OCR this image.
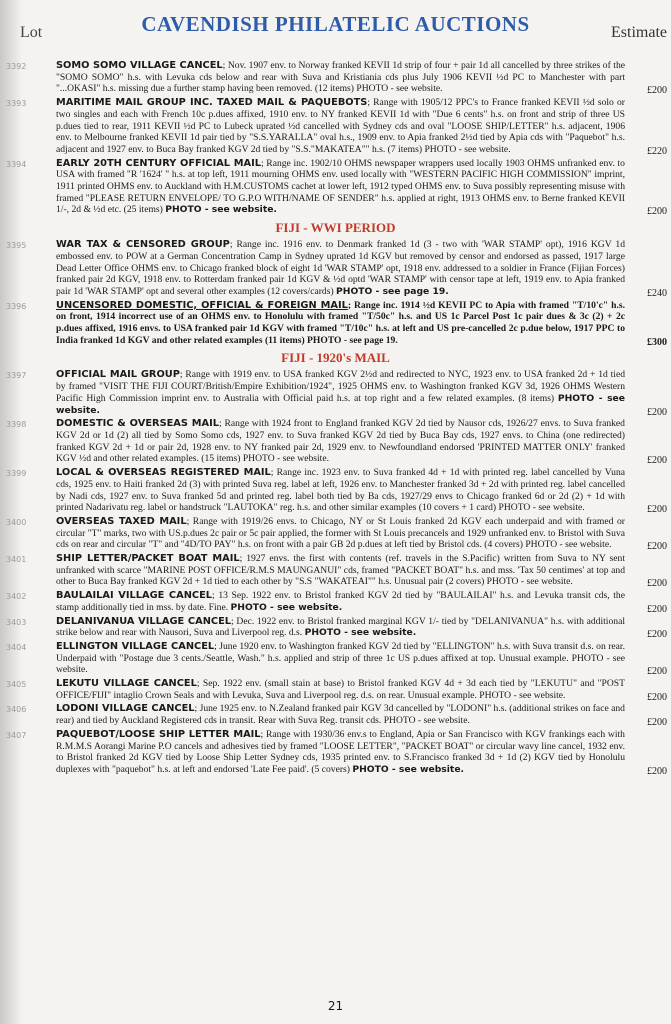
Lot	CAVENDISH PHILATELIC AUCTIONS	Estimate
3392	SOMO SOMO VILLAGE CANCEL; Nov. 1907 env. to Norway franked KEVII 1d strip of four + pair 1d all cancelled by three strikes of the "SOMO SOMO" h.s. with Levuka cds below and rear with Suva and Kristiania cds plus July 1906 KEVII ½d PC to Manchester with part "...OKASI" h.s. missing due a further stamp having been removed. (12 items) PHOTO - see website.	£200
3393	MARITIME MAIL GROUP INC. TAXED MAIL & PAQUEBOTS; Range with 1905/12 PPC's to France franked KEVII ½d solo or two singles and each with French 10c p.dues affixed, 1910 env. to NY franked KEVII 1d with "Due 6 cents" h.s. on front and strip of three US p.dues tied to rear, 1911 KEVII ½d PC to Lubeck uprated ½d cancelled with Sydney cds and oval "LOOSE SHIP/LETTER" h.s. adjacent, 1906 env. to Melbourne franked KEVII 1d pair tied by "S.S.YARALLA" oval h.s., 1909 env. to Apia franked 2½d tied by Apia cds with "Paquebot" h.s. adjacent and 1927 env. to Buca Bay franked KGV 2d tied by "S.S."MAKATEA"" h.s. (7 items) PHOTO - see website.	£220
3394	EARLY 20TH CENTURY OFFICIAL MAIL; Range inc. 1902/10 OHMS newspaper wrappers used locally 1903 OHMS unfranked env. to USA with framed "R '1624' " h.s. at top left, 1911 mourning OHMS env. used locally with "WESTERN PACIFIC HIGH COMMISSION" imprint, 1911 printed OHMS env. to Auckland with H.M.CUSTOMS cachet at lower left, 1912 typed OHMS env. to Suva possibly representing misuse with framed "PLEASE RETURN ENVELOPE/ TO G.P.O WITH/NAME OF SENDER" h.s. applied at right, 1913 OHMS env. to Berne franked KEVII 1/-, 2d & ½d etc. (25 items) PHOTO - see website.	£200
FIJI - WWI PERIOD
3395	WAR TAX & CENSORED GROUP; Range inc. 1916 env. to Denmark franked 1d (3 - two with 'WAR STAMP' opt), 1916 KGV 1d embossed env. to POW at a German Concentration Camp in Sydney uprated 1d KGV but removed by censor and endorsed as passed, 1917 large Dead Letter Office OHMS env. to Chicago franked block of eight 1d 'WAR STAMP' opt, 1918 env. addressed to a soldier in France (Fijian Forces) franked pair 2d KGV, 1918 env. to Rotterdam franked pair 1d KGV & ½d optd 'WAR STAMP' with censor tape at left, 1919 env. to Apia franked pair 1d 'WAR STAMP' opt and several other examples (12 covers/cards) PHOTO - see page 19.	£240
3396	UNCENSORED DOMESTIC, OFFICIAL & FOREIGN MAIL; Range inc. 1914 ½d KEVII PC to Apia with framed "T/10'c" h.s. on front, 1914 incorrect use of an OHMS env. to Honolulu with framed "T/50c" h.s. and US 1c Parcel Post 1c pair dues & 3c (2) + 2c p.dues affixed, 1916 envs. to USA franked pair 1d KGV with framed "T/10c" h.s. at left and US pre-cancelled 2c p.due below, 1917 PPC to India franked 1d KGV and other related examples (11 items) PHOTO - see page 19.	£300
FIJI - 1920's MAIL
3397	OFFICIAL MAIL GROUP; Range with 1919 env. to USA franked KGV 2½d and redirected to NYC, 1923 env. to USA franked 2d + 1d tied by framed "VISIT THE FIJI COURT/British/Empire Exhibition/1924", 1925 OHMS env. to Washington franked KGV 3d, 1926 OHMS Western Pacific High Commission imprint env. to Australia with Official paid h.s. at top right and a few related examples. (8 items) PHOTO - see website.	£200
3398	DOMESTIC & OVERSEAS MAIL; Range with 1924 front to England franked KGV 2d tied by Nausor cds, 1926/27 envs. to Suva franked KGV 2d or 1d (2) all tied by Somo Somo cds, 1927 env. to Suva franked KGV 2d tied by Buca Bay cds, 1927 envs. to China (one redirected) franked KGV 2d + 1d or pair 2d, 1928 env. to NY franked pair 2d, 1929 env. to Newfoundland endorsed 'PRINTED MATTER ONLY' franked KGV ½d and other related examples. (15 items) PHOTO - see website.	£200
3399	LOCAL & OVERSEAS REGISTERED MAIL; Range inc. 1923 env. to Suva franked 4d + 1d with printed reg. label cancelled by Vuna cds, 1925 env. to Haiti franked 2d (3) with printed Suva reg. label at left, 1926 env. to Manchester franked 3d + 2d with printed reg. label cancelled by Nadi cds, 1927 env. to Suva franked 5d and printed reg. label both tied by Ba cds, 1927/29 envs to Chicago franked 6d or 2d (2) + 1d with printed Nadarivatu reg. label or handstruck "LAUTOKA" reg. h.s. and other similar examples (10 covers + 1 card) PHOTO - see website.	£200
3400	OVERSEAS TAXED MAIL; Range with 1919/26 envs. to Chicago, NY or St Louis franked 2d KGV each underpaid and with framed or circular "T" marks, two with US.p.dues 2c pair or 5c pair applied, the former with St Louis precancels and 1929 unfranked env. to Bristol with Suva cds on rear and circular "T" and "4D/TO PAY" h.s. on front with a pair GB 2d p.dues at left tied by Bristol cds. (4 covers) PHOTO - see website.	£200
3401	SHIP LETTER/PACKET BOAT MAIL; 1927 envs. the first with contents (ref. travels in the S.Pacific) written from Suva to NY sent unfranked with scarce "MARINE POST OFFICE/R.M.S MAUNGANUI" cds, framed "PACKET BOAT" h.s. and mss. 'Tax 50 centimes' at top and other to Buca Bay franked KGV 2d + 1d tied to each other by "S.S "WAKATEAI"" h.s. Unusual pair (2 covers) PHOTO - see website.	£200
3402	BAULAILAI VILLAGE CANCEL; 13 Sep. 1922 env. to Bristol franked KGV 2d tied by "BAULAILAI" h.s. and Levuka transit cds, the stamp additionally tied in mss. by date. Fine. PHOTO - see website.	£200
3403	DELANIVANUA VILLAGE CANCEL; Dec. 1922 env. to Bristol franked marginal KGV 1/- tied by "DELANIVANUA" h.s. with additional strike below and rear with Nausori, Suva and Liverpool reg. d.s. PHOTO - see website.	£200
3404	ELLINGTON VILLAGE CANCEL; June 1920 env. to Washington franked KGV 2d tied by "ELLINGTON" h.s. with Suva transit d.s. on rear. Underpaid with "Postage due 3 cents./Seattle, Wash." h.s. applied and strip of three 1c US p.dues affixed at top. Unusual example. PHOTO - see website.	£200
3405	LEKUTU VILLAGE CANCEL; Sep. 1922 env. (small stain at base) to Bristol franked KGV 4d + 3d each tied by "LEKUTU" and "POST OFFICE/FIJI" intaglio Crown Seals and with Levuka, Suva and Liverpool reg. d.s. on rear. Unusual example. PHOTO - see website.	£200
3406	LODONI VILLAGE CANCEL; June 1925 env. to N.Zealand franked pair KGV 3d cancelled by "LODONI" h.s. (additional strikes on face and rear) and tied by Auckland Registered cds in transit. Rear with Suva Reg. transit cds. PHOTO - see website.	£200
3407	PAQUEBOT/LOOSE SHIP LETTER MAIL; Range with 1930/36 env.s to England, Apia or San Francisco with KGV frankings each with R.M.M.S Aorangi Marine P.O cancels and adhesives tied by framed "LOOSE LETTER", "PACKET BOAT" or circular wavy line cancel, 1932 env. to Bristol franked 2d KGV tied by Loose Ship Letter Sydney cds, 1935 printed env. to S.Francisco franked 3d + 1d (2) KGV tied by Honolulu duplexes with "paquebot" h.s. at left and endorsed 'Late Fee paid'. (5 covers) PHOTO - see website.	£200
21
